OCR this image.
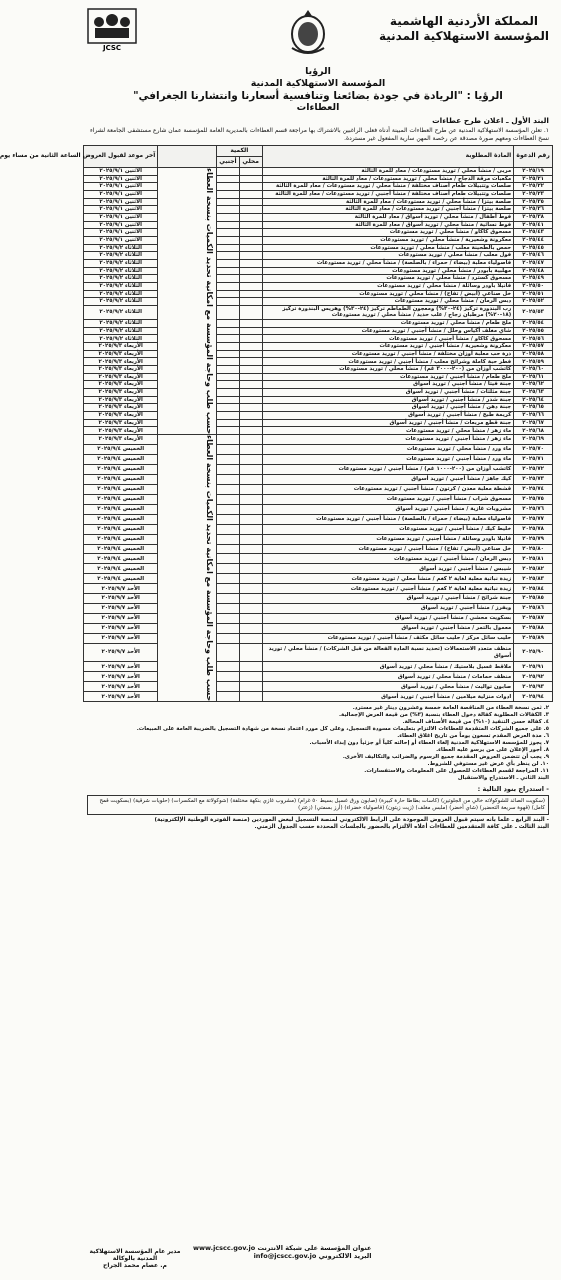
JCSC
المملكة الأردنية الهاشمية
المؤسسة الاستهلاكية المدنية
الرؤيا
المؤسسة الاستهلاكية المدنية
الرؤيا : "الريادة في جودة بضائعنا وتنافسية أسعارنا وانتشارنا الجغرافي"
العطاءات
البند الأول ـ اعلان طرح عطاءات
١. تعلن المؤسسة الاستهلاكية المدنية عن طرح العطاءات المبينة أدناه فعلى الراغبين بالاشتراك بها مراجعة قسم العطاءات بالمديرية العامة للمؤسسة عمان شارع مستشفى الجامعة لشراء نسخ العطاءات ومعهم صورة مصدقة عن رخصة المهن سارية المفعول غير مستردة.
رقم الدعوة	المادة المطلوبة	الكمية			آخر موعد لقبول العروض الساعة الثانية من مساء يوم
		محلي	أجنبي		
٢٠٢٥/١٩	مربى / منشأ محلي / توريد مستودعات / معاد للمرة الثالثة			حسب طلب وحاجة المؤسسة مع امكانية تحديد الكميات بنسخة العطاء	الاثنين ٢٠٢٥/٩/١
٢٠٢٥/٢١	مكعبات مرقة الدجاج / منشأ محلي / توريد مستودعات / معاد للمرة الثالثة				الاثنين ٢٠٢٥/٩/١
٢٠٢٥/٢٢	صلصات وتتبيلات طعام أصناف مختلفة / منشأ محلي / توريد مستودعات / معاد للمرة الثالثة				الاثنين ٢٠٢٥/٩/١
٢٠٢٥/٢٣	صلصات وتتبيلات طعام أصناف مختلفة / منشأ أجنبي / توريد مستودعات / معاد للمرة الثالثة				الاثنين ٢٠٢٥/٩/١
٢٠٢٥/٣٥	صلصة بيتزا / منشأ محلي / توريد مستودعات / معاد للمرة الثالثة				الاثنين ٢٠٢٥/٩/١
٢٠٢٥/٣٦	صلصة بيتزا / منشأ أجنبي / توريد مستودعات / معاد للمرة الثالثة				الاثنين ٢٠٢٥/٩/١
٢٠٢٥/٣٨	فوط أطفال / منشأ محلي / توريد أسواق / معاد للمرة الثالثة				الاثنين ٢٠٢٥/٩/١
٢٠٢٥/٤١	فوط نسائية / منشأ محلي / توريد أسواق / معاد للمرة الثالثة				الاثنين ٢٠٢٥/٩/١
٢٠٢٥/٤٣	مسحوق كاكاو / منشأ محلي / توريد مستودعات				الاثنين ٢٠٢٥/٩/١
٢٠٢٥/٤٤	معكرونة وشعيرية / منشأ محلي / توريد مستودعات				الاثنين ٢٠٢٥/٩/١
٢٠٢٥/٤٥	حمص بالطحينة معلب / منشأ محلي / توريد مستودعات				الثلاثاء ٢٠٢٥/٩/٢
٢٠٢٥/٤٦	فول معلب / منشأ محلي / توريد مستودعات				الثلاثاء ٢٠٢٥/٩/٢
٢٠٢٥/٤٧	فاصولياء معلبة (بيضاء / حمراء / بالصلصة) / منشأ محلي / توريد مستودعات				الثلاثاء ٢٠٢٥/٩/٢
٢٠٢٥/٤٨	مهلبية بأبودر / منشأ محلي / توريد مستودعات				الثلاثاء ٢٠٢٥/٩/٢
٢٠٢٥/٤٩	مسحوق كسترد / منشأ محلي / توريد مستودعات				الثلاثاء ٢٠٢٥/٩/٢
٢٠٢٥/٥٠	فانيلا باودر وسائلة / منشأ محلي / توريد مستودعات				الثلاثاء ٢٠٢٥/٩/٢
٢٠٢٥/٥١	خل صناعي (أبيض / تفاح) / منشأ محلي / توريد مستودعات				الثلاثاء ٢٠٢٥/٩/٢
٢٠٢٥/٥٢	دبس الرمان / منشأ محلي / توريد مستودعات				الثلاثاء ٢٠٢٥/٩/٢
٢٠٢٥/٥٣	رب البندورة تركيز (٢٤-٣٠%) ومعجون الطماطم تركيز (٢٤-٣٠%) وهريس البندورة تركيز (١٨-٢٠%) مرطبان زجاج / علب حديد / منشأ محلي / توريد مستودعات				الثلاثاء ٢٠٢٥/٩/٢
٢٠٢٥/٥٤	ملح طعام / منشأ محلي / توريد مستودعات				الثلاثاء ٢٠٢٥/٩/٢
٢٠٢٥/٥٥	شاي مغلف أكياس وحلل / منشأ أجنبي / توريد مستودعات				الثلاثاء ٢٠٢٥/٩/٢
٢٠٢٥/٥٦	مسحوق كاكاو / منشأ أجنبي / توريد مستودعات				الثلاثاء ٢٠٢٥/٩/٢
٢٠٢٥/٥٧	معكرونة وشعيرية / منشأ أجنبي / توريد مستودعات				الأربعاء ٢٠٢٥/٩/٣
٢٠٢٥/٥٨	ذرة حب معلبة أوزان مختلفة / منشأ أجنبي / توريد مستودعات				الأربعاء ٢٠٢٥/٩/٣
٢٠٢٥/٥٩	فطر حبة كاملة وشرائح معلب / منشأ أجنبي / توريد مستودعات				الأربعاء ٢٠٢٥/٩/٣
٢٠٢٥/٦٠	كاتشب أوزان من (٢٠٠-٣٠٠٠ غم) / منشأ محلي / توريد مستودعات				الأربعاء ٢٠٢٥/٩/٣
٢٠٢٥/٦١	ملح طعام / منشأ أجنبي / توريد مستودعات				الأربعاء ٢٠٢٥/٩/٣
٢٠٢٥/٦٢	جبنة فيتا / منشأ أجنبي / توريد أسواق				الأربعاء ٢٠٢٥/٩/٣
٢٠٢٥/٦٣	جبنة مثلثات / منشأ أجنبي / توريد أسواق				الأربعاء ٢٠٢٥/٩/٣
٢٠٢٥/٦٤	جبنة شدر / منشأ أجنبي / توريد أسواق				الأربعاء ٢٠٢٥/٩/٣
٢٠٢٥/٦٥	جبنة دهن / منشأ أجنبي / توريد أسواق				الأربعاء ٢٠٢٥/٩/٣
٢٠٢٥/٦٦	كريمة طبخ / منشأ أجنبي / توريد أسواق				الأربعاء ٢٠٢٥/٩/٣
٢٠٢٥/٦٧	جبنة قطع مربعات / منشأ أجنبي / توريد أسواق				الأربعاء ٢٠٢٥/٩/٣
٢٠٢٥/٦٨	ماء زهر / منشأ محلي / توريد مستودعات				الأربعاء ٢٠٢٥/٩/٣
٢٠٢٥/٦٩	ماء زهر / منشأ أجنبي / توريد مستودعات			حسب طلب وحاجة المؤسسة مع امكانية تحديد الكميات بنسخة العطاء	الأربعاء ٢٠٢٥/٩/٣
٢٠٢٥/٧٠	ماء ورد / منشأ محلي / توريد مستودعات				الخميس ٢٠٢٥/٩/٤
٢٠٢٥/٧١	ماء ورد / منشأ أجنبي / توريد مستودعات				الخميس ٢٠٢٥/٩/٤
٢٠٢٥/٧٢	كاتشب أوزان من (٢٠٠-١٠٠٠ غم) / منشأ أجنبي / توريد مستودعات				الخميس ٢٠٢٥/٩/٤
٢٠٢٥/٧٣	كيك جاهز / منشأ أجنبي / توريد أسواق				الخميس ٢٠٢٥/٩/٤
٢٠٢٥/٧٤	قشطة معلبة معدن / كرتون / منشأ أجنبي / توريد مستودعات				الخميس ٢٠٢٥/٩/٤
٢٠٢٥/٧٥	مسحوق شراب / منشأ أجنبي / توريد مستودعات				الخميس ٢٠٢٥/٩/٤
٢٠٢٥/٧٦	مشروبات غازية / منشأ أجنبي / توريد أسواق				الخميس ٢٠٢٥/٩/٤
٢٠٢٥/٧٧	فاصولياء معلبة (بيضاء / حمراء / بالصلصة) / منشأ أجنبي / توريد مستودعات				الخميس ٢٠٢٥/٩/٤
٢٠٢٥/٧٨	خليط كيك / منشأ أجنبي / توريد مستودعات				الخميس ٢٠٢٥/٩/٤
٢٠٢٥/٧٩	فانيلا باودر وسائلة / منشأ أجنبي / توريد مستودعات				الخميس ٢٠٢٥/٩/٤
٢٠٢٥/٨٠	خل صناعي (أبيض / تفاح) / منشأ أجنبي / توريد مستودعات				الخميس ٢٠٢٥/٩/٤
٢٠٢٥/٨١	دبس الرمان / منشأ أجنبي / توريد مستودعات				الخميس ٢٠٢٥/٩/٤
٢٠٢٥/٨٢	شيبس / منشأ أجنبي / توريد أسواق				الخميس ٢٠٢٥/٩/٤
٢٠٢٥/٨٣	زيدة نباتية معلبة لغاية ٢ كغم / منشأ محلي / توريد مستودعات				الخميس ٢٠٢٥/٩/٤
٢٠٢٥/٨٤	زيدة نباتية معلبة لغاية ٢ كغم / منشأ أجنبي / توريد مستودعات				الأحد ٢٠٢٥/٩/٧
٢٠٢٥/٨٥	جبنة شرائح / منشأ أجنبي / توريد أسواق				الأحد ٢٠٢٥/٩/٧
٢٠٢٥/٨٦	ويفرز / منشأ أجنبي / توريد أسواق				الأحد ٢٠٢٥/٩/٧
٢٠٢٥/٨٧	بسكويت محشي / منشأ أجنبي / توريد أسواق				الأحد ٢٠٢٥/٩/٧
٢٠٢٥/٨٨	معمول بالتمر / منشأ أجنبي / توريد أسواق				الأحد ٢٠٢٥/٩/٧
٢٠٢٥/٨٩	حليب سائل مركز / حليب سائل مكثف / منشأ أجنبي / توريد مستودعات				الأحد ٢٠٢٥/٩/٧
٢٠٢٥/٩٠	منظف متعدد الاستعمالات (تحديد نسبة المادة الفعالة من قبل الشركات) / منشأ محلي / توريد أسواق				الأحد ٢٠٢٥/٩/٧
٢٠٢٥/٩١	ملاقط غسيل بلاستيك / منشأ محلي / توريد أسواق				الأحد ٢٠٢٥/٩/٧
٢٠٢٥/٩٢	منظف حمامات / منشأ محلي / توريد أسواق				الأحد ٢٠٢٥/٩/٧
٢٠٢٥/٩٣	صابون تواليت / منشأ محلي / توريد أسواق				الأحد ٢٠٢٥/٩/٧
٢٠٢٥/٩٤	ادوات منزلية ميلامين / منشأ أجنبي / توريد أسواق				الأحد ٢٠٢٥/٩/٧

٢. ثمن نسخة العطاء من المناقصة العامة خمسة وعشرون دينار غير مسترد.

٣. الكفالات المطلوبة كفالة دخول العطاء بنسبة (٣%) من قيمة العرض الإجمالية.

٤. كفالة حسن التنفيذ (١٠%) من قيمة الأصناف المحالة.

٥. على جميع الشركات المتقدمة للعطاءات الالتزام بتعليمات مسودة التسجيل، وعلى كل مورد اعتماد نسخة من شهادة التسجيل بالضريبة العامة على المبيعات.

٦. مدة العرض المقدم تسعون يوماً من تاريخ اغلاق العطاء.

٧. يجوز للمؤسسة الاستهلاكية المدنية إلغاء العطاء أو إحالته كلياً أو جزئياً دون إبداء الأسباب.

٨. أجور الإعلان على من يرسو عليه العطاء.

٩. يجب أن تتضمن العروض المقدمة جميع الرسوم والضرائب والتكاليف الأخرى.

١٠. لن ينظر بأي عرض غير مستوفي للشروط.

١١. المراجعة لقسم العطاءات للحصول على المعلومات والاستفسارات.

البند الثاني ـ الاستدراج والاستقبال

- استدراج بنود التالية :
(سكويت الصائد للشوكولاته خالي من الجلوتين) (كاسات بطاطا حارة كبيرة) (صابون ورق غسيل بسيط ٥٠ غرام) (مشروب غازي بنكهة مختلفة) (شوكولاتة مع المكسرات) (حلويات شرقية) (بسكويت قمح كامل) (قهوة سريعة التحضير) (شاي أخضر) (ملبس مغلف) (زيت زيتون) (فاصولياء خضراء) (أرز بسمتي) (زعتر)
- البند الرابع ـ علما بانه سيتم قبول العروض الموجودة على الرابط الالكتروني لمنصة التسجيل لبعض الموردين (منصة الفوترة الوطنية الإلكترونية)
البند الثالث ـ على كافة المتقدمين للعطاءات أعلاه الالتزام بالحضور بالجلسات المحددة حسب الجدول الزمني.
عنوان المؤسسة على شبكة الانترنت www.jcscc.gov.jo
البريد الالكتروني info@jcscc.gov.jo
مدير عام المؤسسة الاستهلاكية المدنية بالوكالة
م. عصام محمد الجراح
